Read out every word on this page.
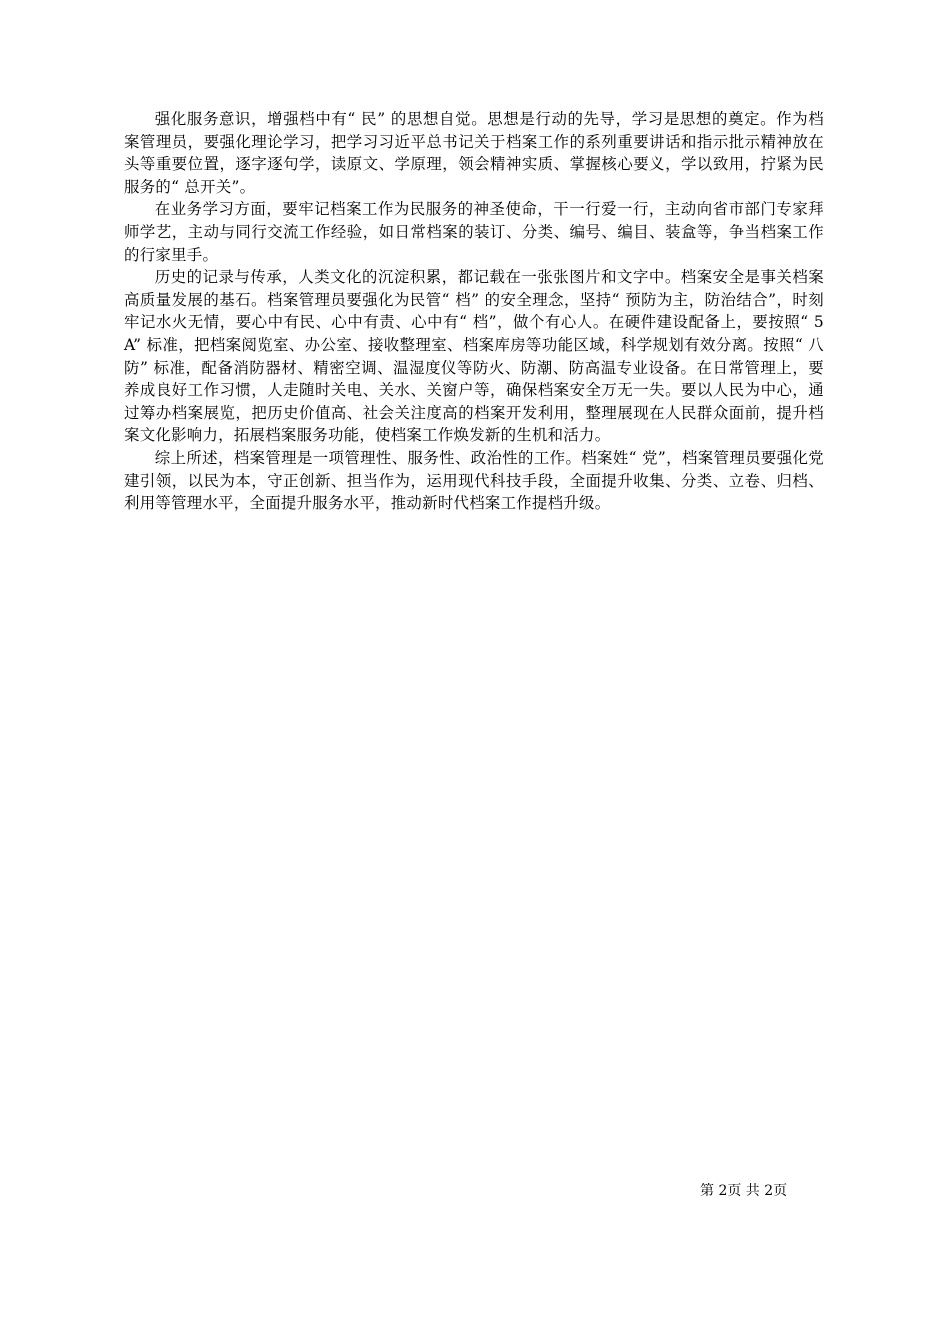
强化服务意识，增强档中有“ 民” 的思想自觉。思想是行动的先导，学习是思想的奠定。作为档案管理员，要强化理论学习，把学习习近平总书记关于档案工作的系列重要讲话和指示批示精神放在头等重要位置，逐字逐句学，读原文、学原理，领会精神实质、掌握核心要义，学以致用，拧紧为民服务的“ 总开关”。

在业务学习方面，要牢记档案工作为民服务的神圣使命，干一行爱一行，主动向省市部门专家拜师学艺，主动与同行交流工作经验，如日常档案的装订、分类、编号、编目、装盒等，争当档案工作的行家里手。

历史的记录与传承，人类文化的沉淀积累，都记载在一张张图片和文字中。档案安全是事关档案高质量发展的基石。档案管理员要强化为民管“ 档” 的安全理念，坚持“ 预防为主，防治结合”，时刻牢记水火无情，要心中有民、心中有责、心中有“ 档”，做个有心人。在硬件建设配备上，要按照“ 5A” 标准，把档案阅览室、办公室、接收整理室、档案库房等功能区域，科学规划有效分离。按照“ 八防” 标准，配备消防器材、精密空调、温湿度仪等防火、防潮、防高温专业设备。在日常管理上，要养成良好工作习惯，人走随时关电、关水、关窗户等，确保档案安全万无一失。要以人民为中心，通过筹办档案展览，把历史价值高、社会关注度高的档案开发利用，整理展现在人民群众面前，提升档案文化影响力，拓展档案服务功能，使档案工作焕发新的生机和活力。

综上所述，档案管理是一项管理性、服务性、政治性的工作。档案姓“ 党”，档案管理员要强化党建引领，以民为本，守正创新、担当作为，运用现代科技手段，全面提升收集、分类、立卷、归档、利用等管理水平，全面提升服务水平，推动新时代档案工作提档升级。

第 2页 共 2页
